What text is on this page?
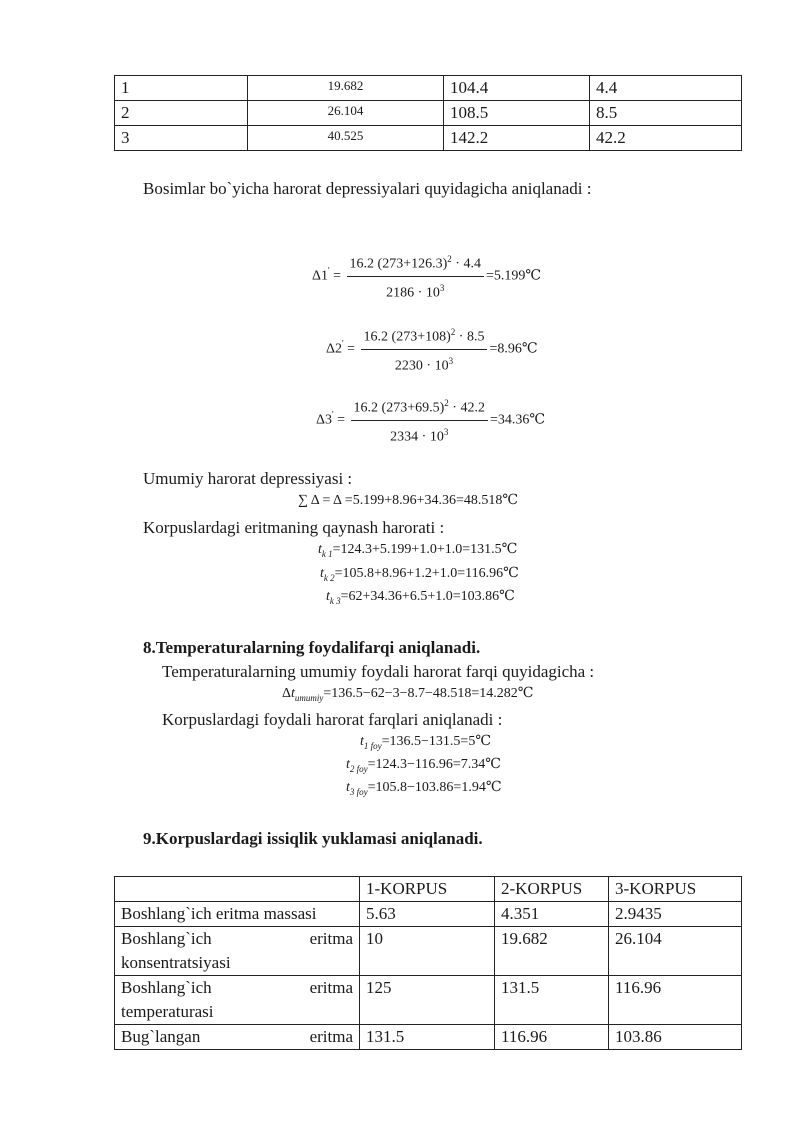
1	19.682	104.4	4.4
2	26.104	108.5	8.5
3	40.525	142.2	42.2
Bosimlar bo`yicha harorat depressiyalari quyidagicha aniqlanadi :
$\Delta 1' = \frac{16.2 (273+126.3)^2 \cdot 4.4}{2186 \cdot 10^3}$ =5.199℃
$\Delta 2' = \frac{16.2 (273+108)^2 \cdot 8.5}{2230 \cdot 10^3}$ =8.96℃
$\Delta 3' = \frac{16.2 (273+69.5)^2 \cdot 42.2}{2334 \cdot 10^3}$ =34.36℃
Umumiy harorat depressiyasi :
∑ Δ = Δ =5.199+8.96+34.36=48.518℃
Korpuslardagi eritmaning qaynash harorati :
$t_{k 1}=124.3+5.199+1.0+1.0=131.5℃$
$t_{k 2}=105.8+8.96+1.2+1.0=116.96℃$
$t_{k 3}=62+34.36+6.5+1.0=103.86℃$
8.Temperaturalarning foydalifarqi aniqlanadi.
Temperaturalarning umumiy foydali harorat farqi quyidagicha :
$\Delta t_{umumiy}=136.5-62-3-8.7-48.518=14.282℃$
Korpuslardagi foydali harorat farqlari aniqlanadi :
$t_{1 foy}=136.5-131.5=5℃$
$t_{2 foy}=124.3-116.96=7.34℃$
$t_{3 foy}=105.8-103.86=1.94℃$
9.Korpuslardagi issiqlik yuklamasi aniqlanadi.
	1-KORPUS	2-KORPUS	3-KORPUS
Boshlang`ich eritma massasi	5.63	4.351	2.9435

Boshlang`ich eritma
konsentratsiyasi	10	19.682	26.104

Boshlang`ich eritma
temperaturasi	125	131.5	116.96

Bug`langan eritma	131.5	116.96	103.86
